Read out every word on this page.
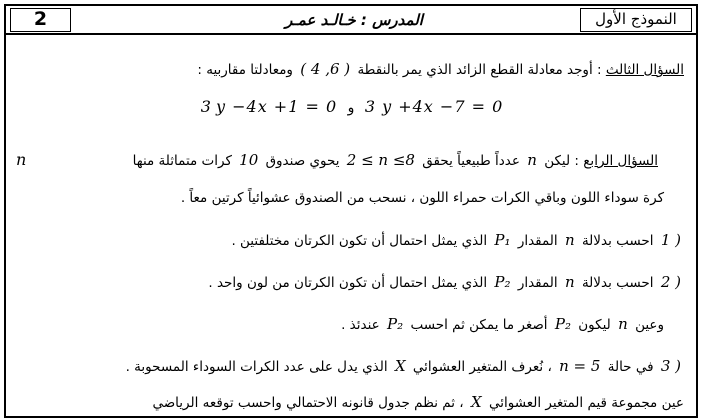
2	المدرس : خـالـد عمـر	النموذج الأول
السؤال الثالث : أوجد معادلة القطع الزائد الذي يمر بالنقطة ( 4 ,6 ) ومعادلتا مقاربيه :
3 y +4x −7 = 0 و 3 y −4x +1 = 0
السؤال الرابع : ليكن n عدداً طبيعياً يحقق 2 ≤ n ≤8 يحوي صندوق 10 كرات متماثلة منها
n
كرة سوداء اللون وباقي الكرات حمراء اللون ، نسحب من الصندوق عشوائياً كرتين معاً .
1 ) احسب بدلالة n المقدار P₁ الذي يمثل احتمال أن تكون الكرتان مختلفتين .
2 ) احسب بدلالة n المقدار P₂ الذي يمثل احتمال أن تكون الكرتان من لون واحد .
وعين n ليكون P₂ أصغر ما يمكن ثم احسب P₂ عندئذ .
3 ) في حالة n = 5 ، نُعرف المتغير العشوائي X الذي يدل على عدد الكرات السوداء المسحوبة .
عين مجموعة قيم المتغير العشوائي X ، ثم نظم جدول قانونه الاحتمالي واحسب توقعه الرياضي
